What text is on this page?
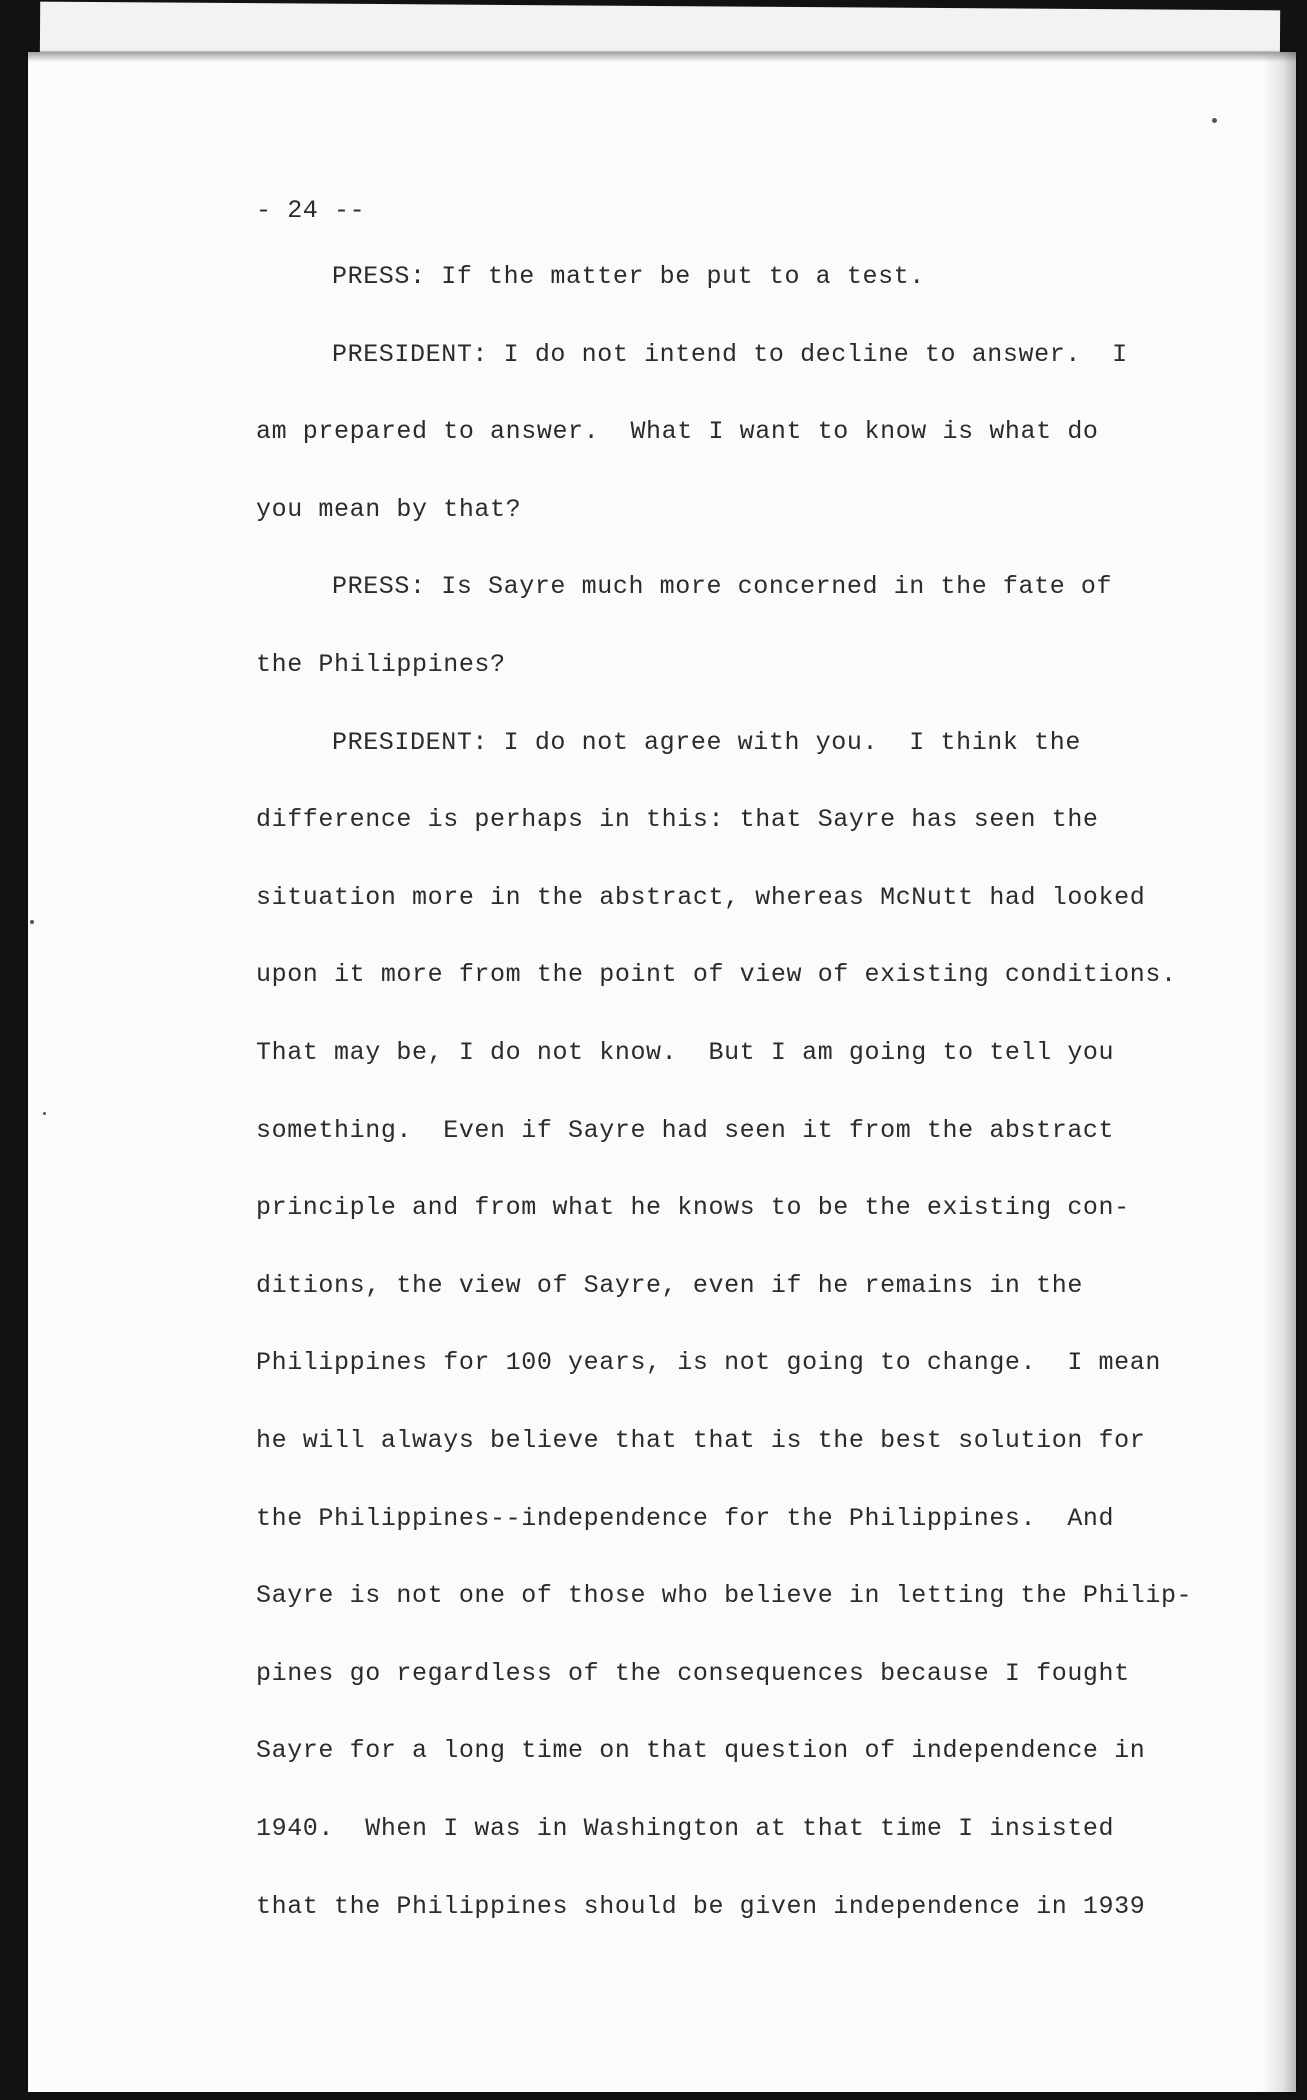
- 24 --
PRESS: If the matter be put to a test.
PRESIDENT: I do not intend to decline to answer.  I
am prepared to answer.  What I want to know is what do
you mean by that?
PRESS: Is Sayre much more concerned in the fate of
the Philippines?
PRESIDENT: I do not agree with you.  I think the
difference is perhaps in this: that Sayre has seen the
situation more in the abstract, whereas McNutt had looked
upon it more from the point of view of existing conditions.
That may be, I do not know.  But I am going to tell you
something.  Even if Sayre had seen it from the abstract
principle and from what he knows to be the existing con-
ditions, the view of Sayre, even if he remains in the
Philippines for 100 years, is not going to change.  I mean
he will always believe that that is the best solution for
the Philippines--independence for the Philippines.  And
Sayre is not one of those who believe in letting the Philip-
pines go regardless of the consequences because I fought
Sayre for a long time on that question of independence in
1940.  When I was in Washington at that time I insisted
that the Philippines should be given independence in 1939
